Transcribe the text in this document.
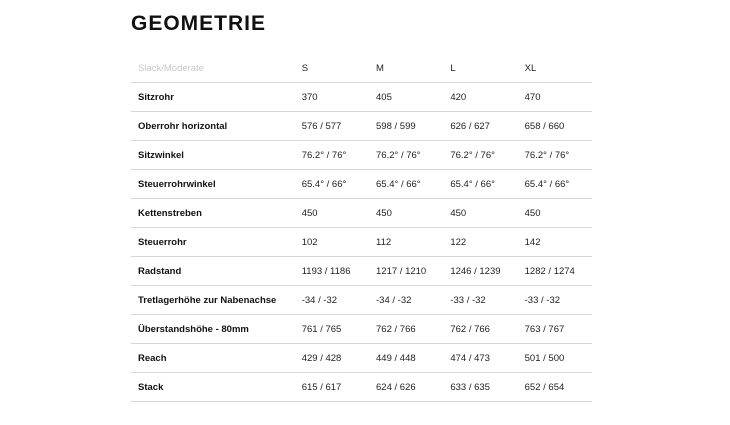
GEOMETRIE
Slack/Moderate	S	M	L	XL
Sitzrohr	370	405	420	470
Oberrohr horizontal	576 / 577	598 / 599	626 / 627	658 / 660
Sitzwinkel	76.2° / 76°	76.2° / 76°	76.2° / 76°	76.2° / 76°
Steuerrohrwinkel	65.4° / 66°	65.4° / 66°	65.4° / 66°	65.4° / 66°
Kettenstreben	450	450	450	450
Steuerrohr	102	112	122	142
Radstand	1193 / 1186	1217 / 1210	1246 / 1239	1282 / 1274
Tretlagerhöhe zur Nabenachse	-34 / -32	-34 / -32	-33 / -32	-33 / -32
Überstandshöhe - 80mm	761 / 765	762 / 766	762 / 766	763 / 767
Reach	429 / 428	449 / 448	474 / 473	501 / 500
Stack	615 / 617	624 / 626	633 / 635	652 / 654
